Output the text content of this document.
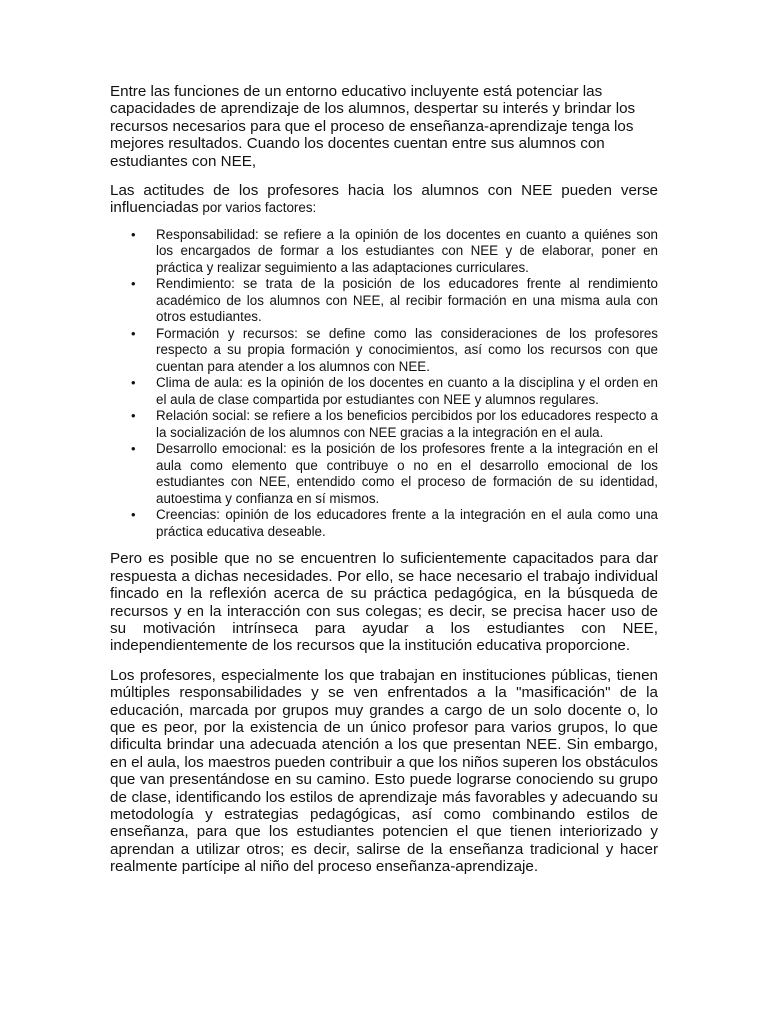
Entre las funciones de un entorno educativo incluyente está potenciar las capacidades de aprendizaje de los alumnos, despertar su interés y brindar los recursos necesarios para que el proceso de enseñanza-aprendizaje tenga los mejores resultados. Cuando los docentes cuentan entre sus alumnos con estudiantes con NEE,

Las actitudes de los profesores hacia los alumnos con NEE pueden verse influenciadas por varios factores:

• Responsabilidad: se refiere a la opinión de los docentes en cuanto a quiénes son los encargados de formar a los estudiantes con NEE y de elaborar, poner en práctica y realizar seguimiento a las adaptaciones curriculares.
• Rendimiento: se trata de la posición de los educadores frente al rendimiento académico de los alumnos con NEE, al recibir formación en una misma aula con otros estudiantes.
• Formación y recursos: se define como las consideraciones de los profesores respecto a su propia formación y conocimientos, así como los recursos con que cuentan para atender a los alumnos con NEE.
• Clima de aula: es la opinión de los docentes en cuanto a la disciplina y el orden en el aula de clase compartida por estudiantes con NEE y alumnos regulares.
• Relación social: se refiere a los beneficios percibidos por los educadores respecto a la socialización de los alumnos con NEE gracias a la integración en el aula.
• Desarrollo emocional: es la posición de los profesores frente a la integración en el aula como elemento que contribuye o no en el desarrollo emocional de los estudiantes con NEE, entendido como el proceso de formación de su identidad, autoestima y confianza en sí mismos.
• Creencias: opinión de los educadores frente a la integración en el aula como una práctica educativa deseable.

Pero es posible que no se encuentren lo suficientemente capacitados para dar respuesta a dichas necesidades. Por ello, se hace necesario el trabajo individual fincado en la reflexión acerca de su práctica pedagógica, en la búsqueda de recursos y en la interacción con sus colegas; es decir, se precisa hacer uso de su motivación intrínseca para ayudar a los estudiantes con NEE, independientemente de los recursos que la institución educativa proporcione.

Los profesores, especialmente los que trabajan en instituciones públicas, tienen múltiples responsabilidades y se ven enfrentados a la "masificación" de la educación, marcada por grupos muy grandes a cargo de un solo docente o, lo que es peor, por la existencia de un único profesor para varios grupos, lo que dificulta brindar una adecuada atención a los que presentan NEE. Sin embargo, en el aula, los maestros pueden contribuir a que los niños superen los obstáculos que van presentándose en su camino. Esto puede lograrse conociendo su grupo de clase, identificando los estilos de aprendizaje más favorables y adecuando su metodología y estrategias pedagógicas, así como combinando estilos de enseñanza, para que los estudiantes potencien el que tienen interiorizado y aprendan a utilizar otros; es decir, salirse de la enseñanza tradicional y hacer realmente partícipe al niño del proceso enseñanza-aprendizaje.
